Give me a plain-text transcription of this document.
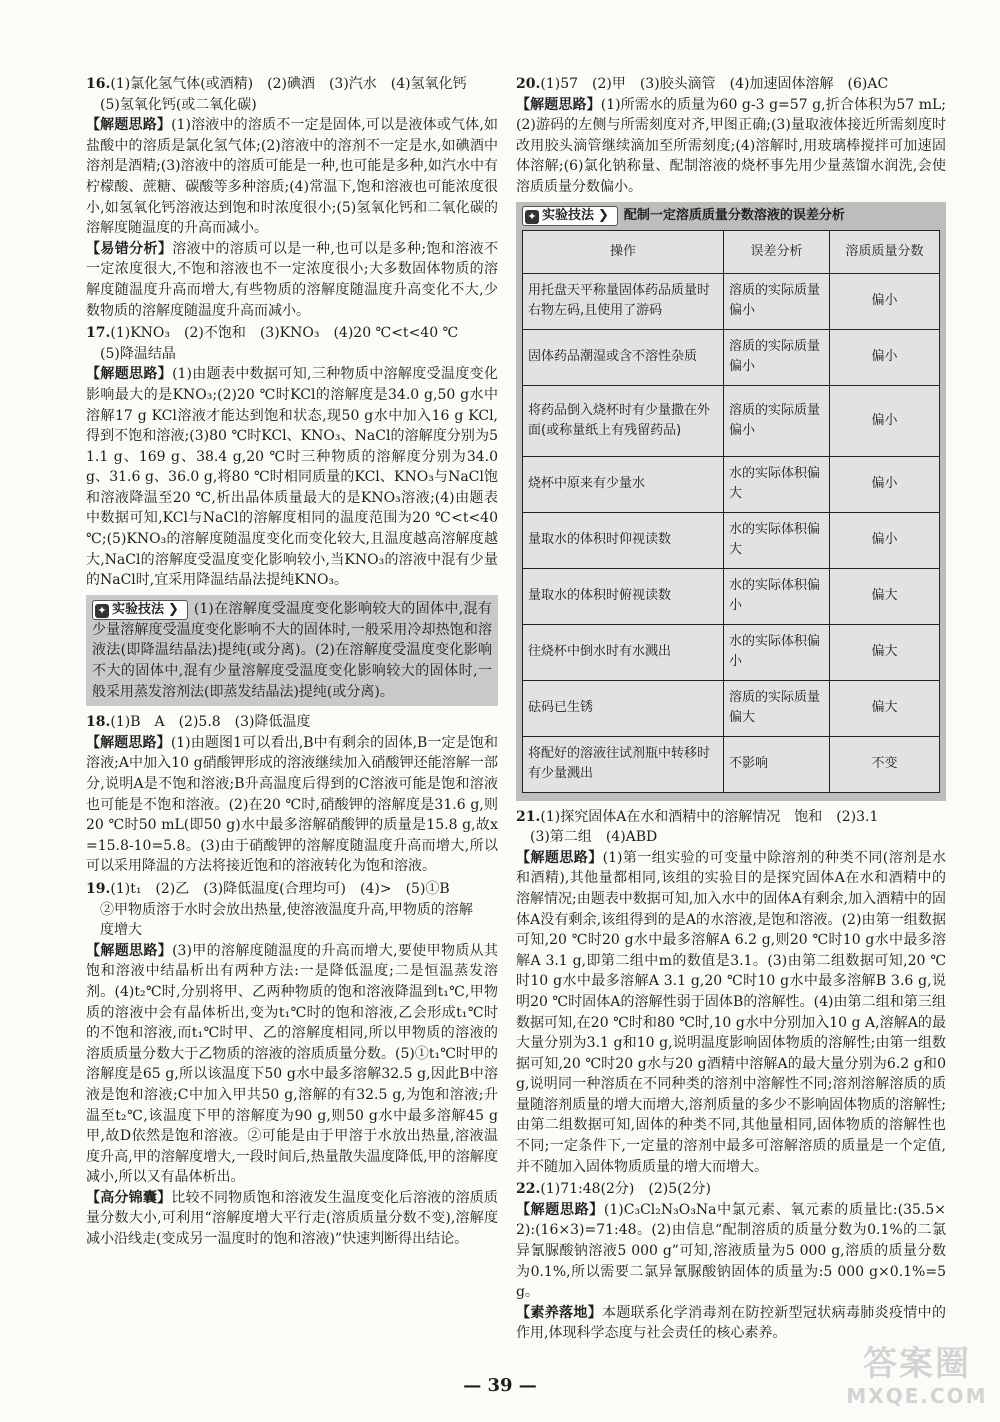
16.(1)氯化氢气体(或酒精)　(2)碘酒　(3)汽水　(4)氢氧化钙
(5)氢氧化钙(或二氧化碳)
【解题思路】(1)溶液中的溶质不一定是固体,可以是液体或气体,如盐酸中的溶质是氯化氢气体;(2)溶液中的溶剂不一定是水,如碘酒中溶剂是酒精;(3)溶液中的溶质可能是一种,也可能是多种,如汽水中有柠檬酸、蔗糖、碳酸等多种溶质;(4)常温下,饱和溶液也可能浓度很小,如氢氧化钙溶液达到饱和时浓度很小;(5)氢氧化钙和二氧化碳的溶解度随温度的升高而减小。
【易错分析】溶液中的溶质可以是一种,也可以是多种;饱和溶液不一定浓度很大,不饱和溶液也不一定浓度很小;大多数固体物质的溶解度随温度升高而增大,有些物质的溶解度随温度升高变化不大,少数物质的溶解度随温度升高而减小。
17.(1)KNO₃　(2)不饱和　(3)KNO₃　(4)20 ℃<t<40 ℃
(5)降温结晶
【解题思路】(1)由题表中数据可知,三种物质中溶解度受温度变化影响最大的是KNO₃;(2)20 ℃时KCl的溶解度是34.0 g,50 g水中溶解17 g KCl溶液才能达到饱和状态,现50 g水中加入16 g KCl,得到不饱和溶液;(3)80 ℃时KCl、KNO₃、NaCl的溶解度分别为51.1 g、169 g、38.4 g,20 ℃时三种物质的溶解度分别为34.0 g、31.6 g、36.0 g,将80 ℃时相同质量的KCl、KNO₃与NaCl饱和溶液降温至20 ℃,析出晶体质量最大的是KNO₃溶液;(4)由题表中数据可知,KCl与NaCl的溶解度相同的温度范围为20 ℃<t<40 ℃;(5)KNO₃的溶解度随温度变化而变化较大,且温度越高溶解度越大,NaCl的溶解度受温度变化影响较小,当KNO₃的溶液中混有少量的NaCl时,宜采用降温结晶法提纯KNO₃。
✦ 实验技法 ❯ (1)在溶解度受温度变化影响较大的固体中,混有少量溶解度受温度变化影响不大的固体时,一般采用冷却热饱和溶液法(即降温结晶法)提纯(或分离)。(2)在溶解度受温度变化影响不大的固体中,混有少量溶解度受温度变化影响较大的固体时,一般采用蒸发溶剂法(即蒸发结晶法)提纯(或分离)。
18.(1)B　A　(2)5.8　(3)降低温度
【解题思路】(1)由题图1可以看出,B中有剩余的固体,B一定是饱和溶液;A中加入10 g硝酸钾形成的溶液继续加入硝酸钾还能溶解一部分,说明A是不饱和溶液;B升高温度后得到的C溶液可能是饱和溶液也可能是不饱和溶液。(2)在20 ℃时,硝酸钾的溶解度是31.6 g,则20 ℃时50 mL(即50 g)水中最多溶解硝酸钾的质量是15.8 g,故x=15.8-10=5.8。(3)由于硝酸钾的溶解度随温度升高而增大,所以可以采用降温的方法将接近饱和的溶液转化为饱和溶液。
19.(1)t₁　(2)乙　(3)降低温度(合理均可)　(4)>　(5)①B
②甲物质溶于水时会放出热量,使溶液温度升高,甲物质的溶解
度增大
【解题思路】(3)甲的溶解度随温度的升高而增大,要使甲物质从其饱和溶液中结晶析出有两种方法:一是降低温度;二是恒温蒸发溶剂。(4)t₂℃时,分别将甲、乙两种物质的饱和溶液降温到t₁℃,甲物质的溶液中会有晶体析出,变为t₁℃时的饱和溶液,乙会形成t₁℃时的不饱和溶液,而t₁℃时甲、乙的溶解度相同,所以甲物质的溶液的溶质质量分数大于乙物质的溶液的溶质质量分数。(5)①t₁℃时甲的溶解度是65 g,所以该温度下50 g水中最多溶解32.5 g,因此B中溶液是饱和溶液;C中加入甲共50 g,溶解的有32.5 g,为饱和溶液;升温至t₂℃,该温度下甲的溶解度为90 g,则50 g水中最多溶解45 g甲,故D依然是饱和溶液。②可能是由于甲溶于水放出热量,溶液温度升高,甲的溶解度增大,一段时间后,热量散失温度降低,甲的溶解度减小,所以又有晶体析出。
【高分锦囊】比较不同物质饱和溶液发生温度变化后溶液的溶质质量分数大小,可利用“溶解度增大平行走(溶质质量分数不变),溶解度减小沿线走(变成另一温度时的饱和溶液)”快速判断得出结论。
20.(1)57　(2)甲　(3)胶头滴管　(4)加速固体溶解　(6)AC
【解题思路】(1)所需水的质量为60 g-3 g=57 g,折合体积为57 mL;(2)游码的左侧与所需刻度对齐,甲图正确;(3)量取液体接近所需刻度时改用胶头滴管继续滴加至所需刻度;(4)溶解时,用玻璃棒搅拌可加速固体溶解;(6)氯化钠称量、配制溶液的烧杯事先用少量蒸馏水润洗,会使溶质质量分数偏小。
✦ 实验技法 ❯ 配制一定溶质质量分数溶液的误差分析
操作	误差分析	溶质质量分数
用托盘天平称量固体药品质量时右物左码,且使用了游码	溶质的实际质量偏小	偏小
固体药品潮湿或含不溶性杂质	溶质的实际质量偏小	偏小
将药品倒入烧杯时有少量撒在外面(或称量纸上有残留药品)	溶质的实际质量偏小	偏小
烧杯中原来有少量水	水的实际体积偏大	偏小
量取水的体积时仰视读数	水的实际体积偏大	偏小
量取水的体积时俯视读数	水的实际体积偏小	偏大
往烧杯中倒水时有水溅出	水的实际体积偏小	偏大
砝码已生锈	溶质的实际质量偏大	偏大
将配好的溶液往试剂瓶中转移时有少量溅出	不影响	不变
21.(1)探究固体A在水和酒精中的溶解情况　饱和　(2)3.1
(3)第二组　(4)ABD
【解题思路】(1)第一组实验的可变量中除溶剂的种类不同(溶剂是水和酒精),其他量都相同,该组的实验目的是探究固体A在水和酒精中的溶解情况;由题表中数据可知,加入水中的固体A有剩余,加入酒精中的固体A没有剩余,该组得到的是A的水溶液,是饱和溶液。(2)由第一组数据可知,20 ℃时20 g水中最多溶解A 6.2 g,则20 ℃时10 g水中最多溶解A 3.1 g,即第二组中m的数值是3.1。(3)由第二组数据可知,20 ℃时10 g水中最多溶解A 3.1 g,20 ℃时10 g水中最多溶解B 3.6 g,说明20 ℃时固体A的溶解性弱于固体B的溶解性。(4)由第二组和第三组数据可知,在20 ℃时和80 ℃时,10 g水中分别加入10 g A,溶解A的最大量分别为3.1 g和10 g,说明温度影响固体物质的溶解性;由第一组数据可知,20 ℃时20 g水与20 g酒精中溶解A的最大量分别为6.2 g和0 g,说明同一种溶质在不同种类的溶剂中溶解性不同;溶剂溶解溶质的质量随溶剂质量的增大而增大,溶剂质量的多少不影响固体物质的溶解性;由第二组数据可知,固体的种类不同,其他量相同,固体物质的溶解性也不同;一定条件下,一定量的溶剂中最多可溶解溶质的质量是一个定值,并不随加入固体物质质量的增大而增大。
22.(1)71:48(2分)　(2)5(2分)
【解题思路】(1)C₃Cl₂N₃O₃Na中氯元素、氧元素的质量比:(35.5×2):(16×3)=71:48。(2)由信息“配制溶质的质量分数为0.1%的二氯异氰脲酸钠溶液5 000 g”可知,溶液质量为5 000 g,溶质的质量分数为0.1%,所以需要二氯异氰脲酸钠固体的质量为:5 000 g×0.1%=5 g。
【素养落地】本题联系化学消毒剂在防控新型冠状病毒肺炎疫情中的作用,体现科学态度与社会责任的核心素养。
— 39 —
答案圈
MXQE.COM
